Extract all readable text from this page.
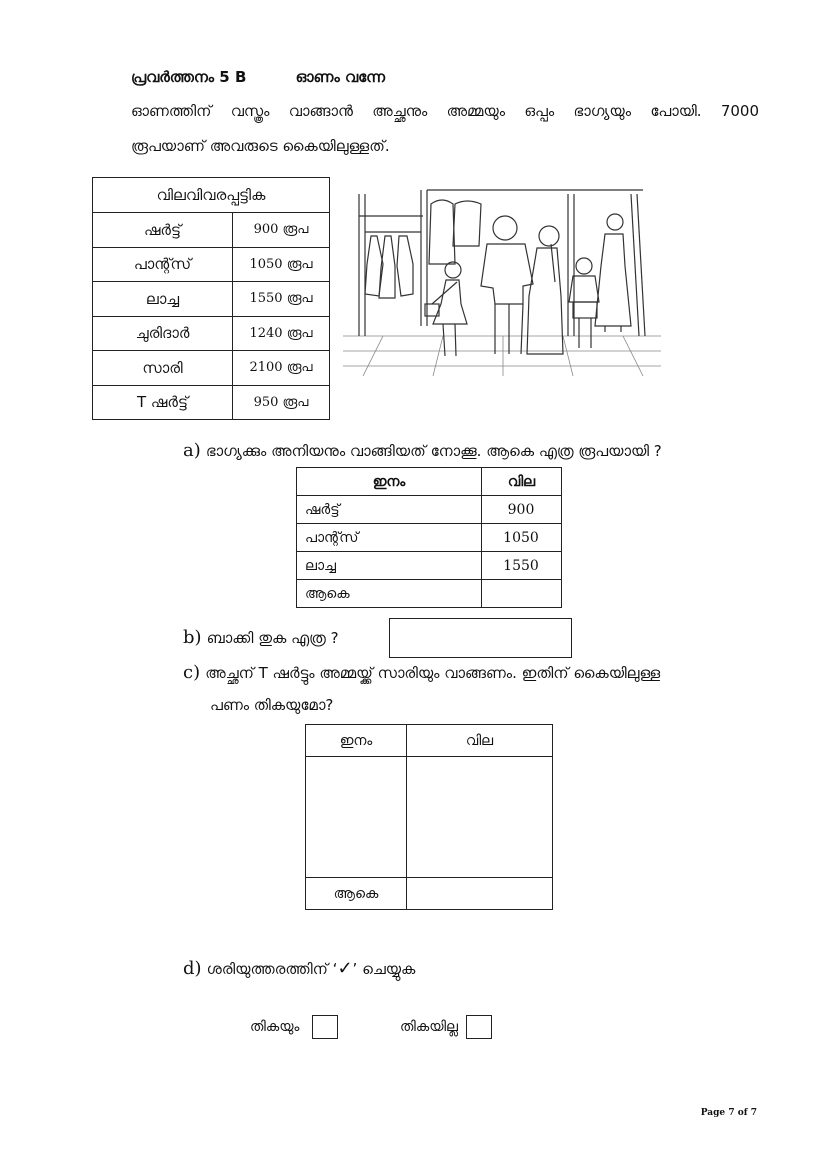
പ്രവർത്തനം 5 B	ഓണം വന്നേ
ഓണത്തിന് വസ്ത്രം വാങ്ങാൻ അച്ഛനും അമ്മയും ഒപ്പം ഭാഗ്യയും പോയി. 7000
രൂപയാണ് അവരുടെ കൈയിലുള്ളത്.
വിലവിവരപ്പട്ടിക	
ഷർട്ട്	900 രൂപ
പാന്റ്സ്	1050 രൂപ
ലാച്ച	1550 രൂപ
ചുരിദാർ	1240 രൂപ
സാരി	2100 രൂപ
T ഷർട്ട്	950 രൂപ
a) ഭാഗ്യക്കും അനിയനും വാങ്ങിയത് നോക്കൂ. ആകെ എത്ര രൂപയായി ?
ഇനം	വില
ഷർട്ട്	900
പാന്റ്സ്	1050
ലാച്ച	1550
ആകെ	
b) ബാക്കി തുക എത്ര ?
c) അച്ഛന് T ഷർട്ടും അമ്മയ്ക്ക് സാരിയും വാങ്ങണം. ഇതിന് കൈയിലുള്ള
പണം തികയുമോ?
ഇനം	വില

ആകെ	
d) ശരിയുത്തരത്തിന് ‘✓’ ചെയ്യുക
തികയും	തികയില്ല
Page 7 of 7
